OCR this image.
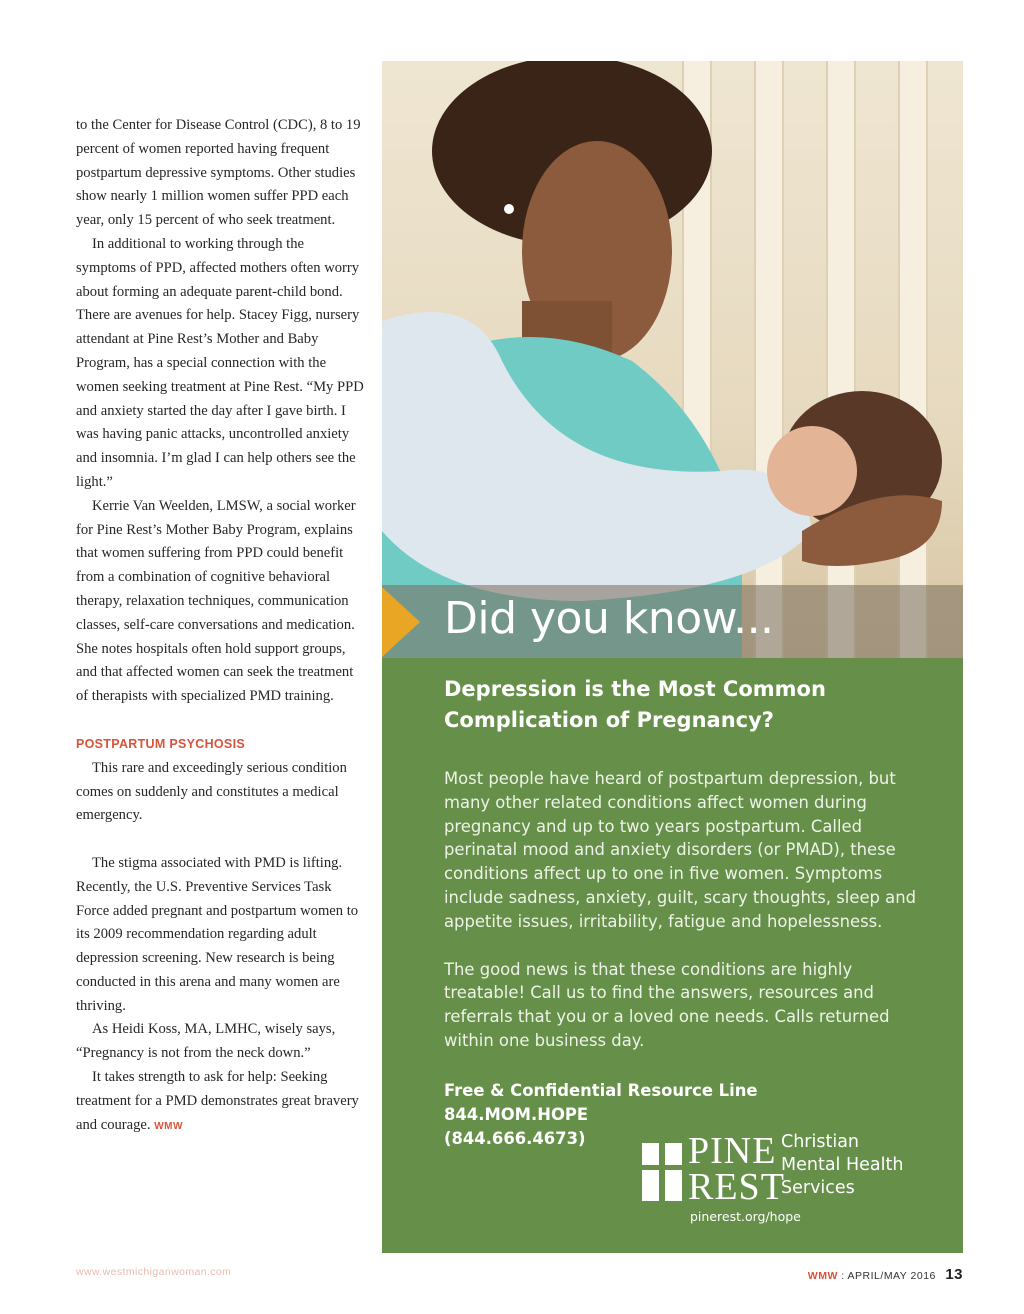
to the Center for Disease Control (CDC), 8 to 19 percent of women reported having frequent postpartum depressive symptoms. Other studies show nearly 1 million women suffer PPD each year, only 15 percent of who seek treatment.

In additional to working through the symptoms of PPD, affected mothers often worry about forming an adequate parent-child bond. There are avenues for help. Stacey Figg, nursery attendant at Pine Rest’s Mother and Baby Program, has a special connection with the women seeking treatment at Pine Rest. “My PPD and anxiety started the day after I gave birth. I was having panic attacks, uncontrolled anxiety and insomnia. I’m glad I can help others see the light.”

Kerrie Van Weelden, LMSW, a social worker for Pine Rest’s Mother Baby Program, explains that women suffering from PPD could benefit from a combination of cognitive behavioral therapy, relaxation techniques, communication classes, self-care conversations and medication. She notes hospitals often hold support groups, and that affected women can seek the treatment of therapists with specialized PMD training.

POSTPARTUM PSYCHOSIS

This rare and exceedingly serious condition comes on suddenly and constitutes a medical emergency.

The stigma associated with PMD is lifting. Recently, the U.S. Preventive Services Task Force added pregnant and postpartum women to its 2009 recommendation regarding adult depression screening. New research is being conducted in this arena and many women are thriving.

As Heidi Koss, MA, LMHC, wisely says, “Pregnancy is not from the neck down.”

It takes strength to ask for help: Seeking treatment for a PMD demonstrates great bravery and courage. WMW

Did you know...

Depression is the Most Common
Complication of Pregnancy?

Most people have heard of postpartum depression, but many other related conditions affect women during pregnancy and up to two years postpartum. Called perinatal mood and anxiety disorders (or PMAD), these conditions affect up to one in five women. Symptoms include sadness, anxiety, guilt, scary thoughts, sleep and appetite issues, irritability, fatigue and hopelessness.

The good news is that these conditions are highly treatable! Call us to find the answers, resources and referrals that you or a loved one needs. Calls returned within one business day.

Free & Confidential Resource Line
844.MOM.HOPE
(844.666.4673)	PINE
REST
Christian
Mental Health
Services
pinerest.org/hope
www.westmichiganwoman.com	WMW : APRIL/MAY 2016 13
